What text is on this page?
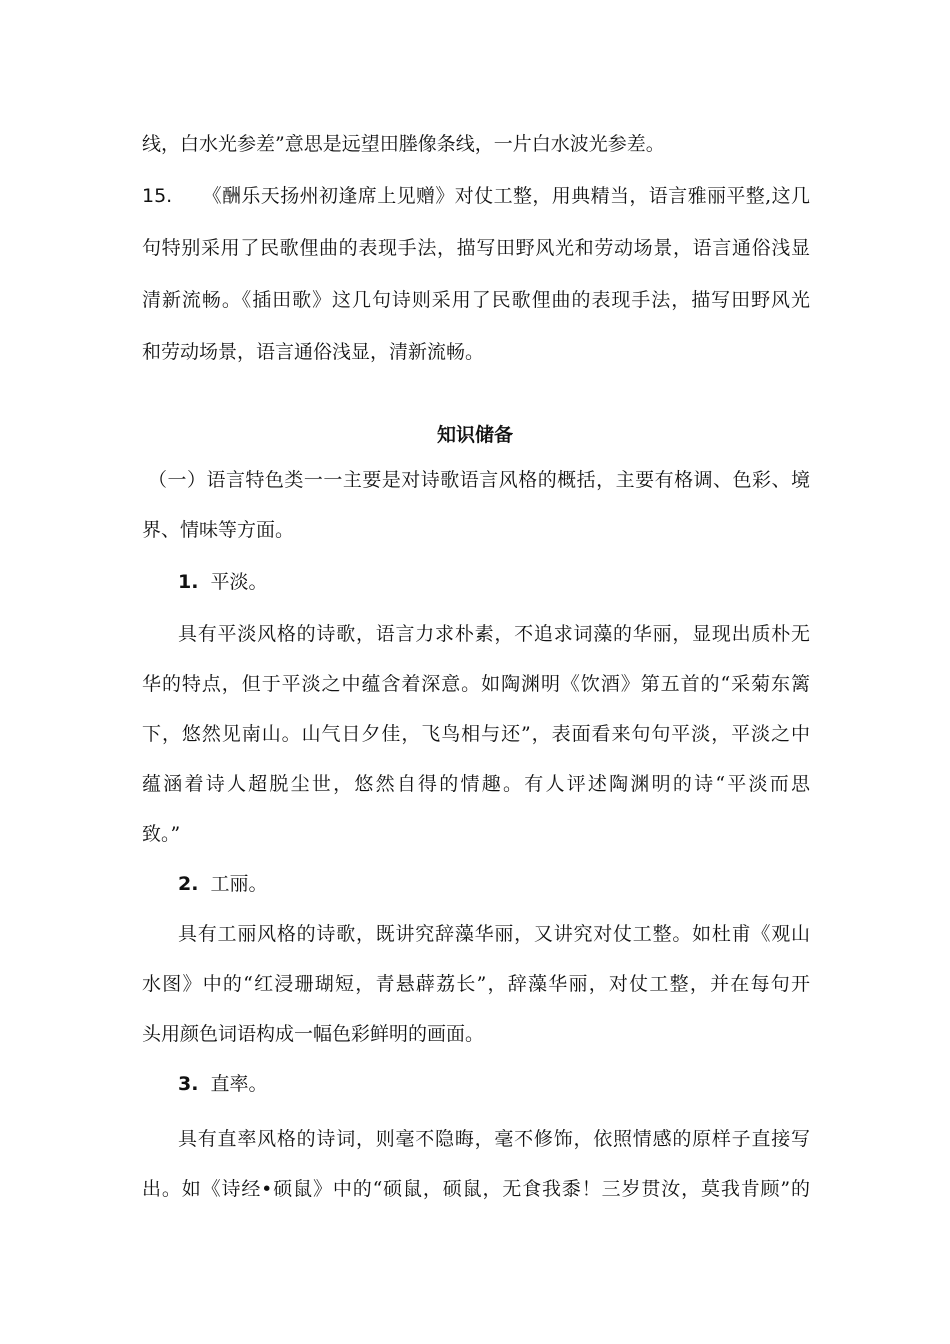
线，白水光参差”意思是远望田塍像条线，一片白水波光参差。
15. 《酬乐天扬州初逢席上见赠》对仗工整，用典精当，语言雅丽平整,这几
句特别采用了民歌俚曲的表现手法，描写田野风光和劳动场景，语言通俗浅显
清新流畅。《插田歌》这几句诗则采用了民歌俚曲的表现手法，描写田野风光
和劳动场景，语言通俗浅显，清新流畅。
知识储备
（一）语言特色类一一主要是对诗歌语言风格的概括，主要有格调、色彩、境
界、情味等方面。
1. 平淡。
具有平淡风格的诗歌，语言力求朴素，不追求词藻的华丽，显现出质朴无
华的特点，但于平淡之中蕴含着深意。如陶渊明《饮酒》第五首的“采菊东篱
下，悠然见南山。山气日夕佳，飞鸟相与还”，表面看来句句平淡，平淡之中
蕴涵着诗人超脱尘世，悠然自得的情趣。有人评述陶渊明的诗“平淡而思
致。”
2. 工丽。
具有工丽风格的诗歌，既讲究辞藻华丽，又讲究对仗工整。如杜甫《观山
水图》中的“红浸珊瑚短，青悬薜荔长”，辞藻华丽，对仗工整，并在每句开
头用颜色词语构成一幅色彩鲜明的画面。
3. 直率。
具有直率风格的诗词，则毫不隐晦，毫不修饰，依照情感的原样子直接写
出。如《诗经•硕鼠》中的“硕鼠，硕鼠，无食我黍！三岁贯汝，莫我肯顾”的
